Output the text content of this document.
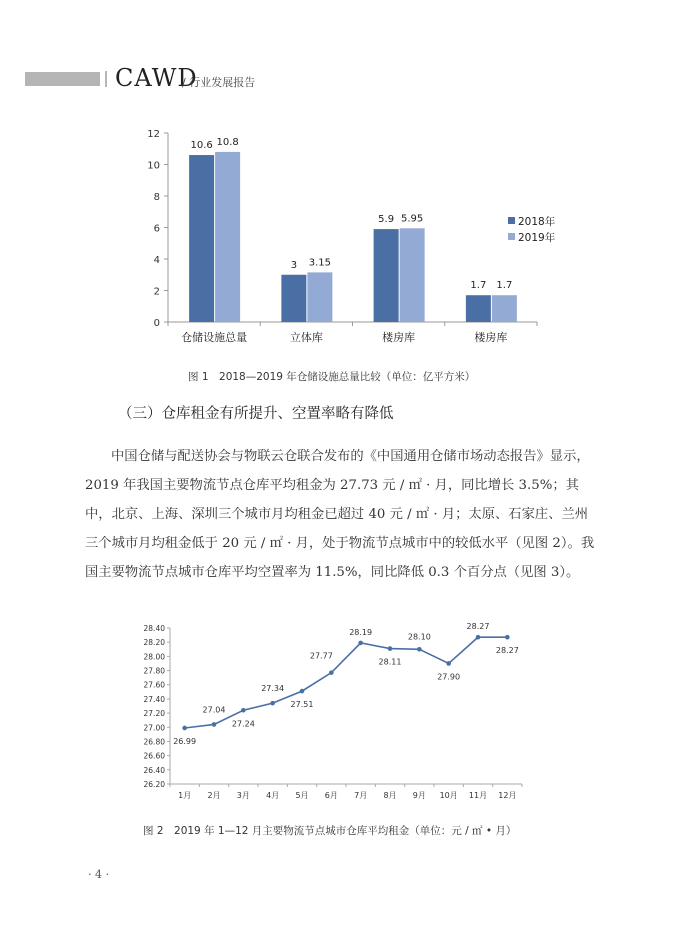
CAWD
/ 行业发展报告
0
2
4
6
8
10
12
10.6 10.8
仓储设施总量
3 3.15
立体库
5.9 5.95
楼房库
1.7 1.7
楼房库
2018年
2019年
图 1　2018—2019 年仓储设施总量比较（单位：亿平方米）
（三）仓库租金有所提升、空置率略有降低
中国仓储与配送协会与物联云仓联合发布的《中国通用仓储市场动态报告》显示，2019 年我国主要物流节点仓库平均租金为 27.73 元 / ㎡ · 月，同比增长 3.5%；其中，北京、上海、深圳三个城市月均租金已超过 40 元 / ㎡ · 月；太原、石家庄、兰州三个城市月均租金低于 20 元 / ㎡ · 月，处于物流节点城市中的较低水平（见图 2）。我国主要物流节点城市仓库平均空置率为 11.5%，同比降低 0.3 个百分点（见图 3）。
26.20
26.40
26.60
26.80
27.00
27.20
27.40
27.60
27.80
28.00
28.20
28.40
26.99
27.04
27.24
27.34
27.51
27.77
28.19
28.11
28.10
27.90
28.27
28.27
1月 2月 3月 4月 5月 6月 7月 8月 9月 10月 11月 12月
图 2　2019 年 1—12 月主要物流节点城市仓库平均租金（单位：元 / ㎡ • 月）
· 4 ·
